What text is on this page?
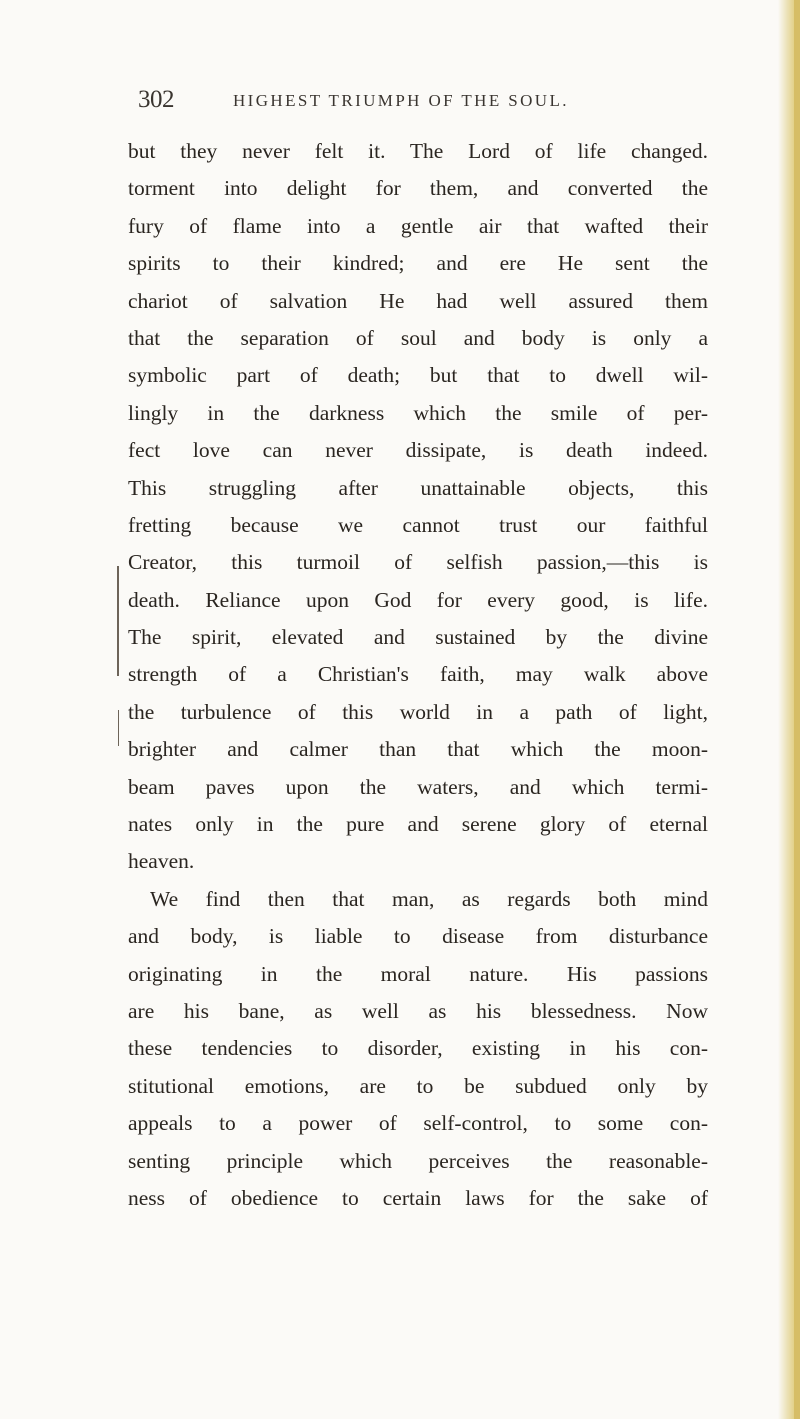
302	HIGHEST TRIUMPH OF THE SOUL.
but they never felt it. The Lord of life changed.
torment into delight for them, and converted the
fury of flame into a gentle air that wafted their
spirits to their kindred; and ere He sent the
chariot of salvation He had well assured them
that the separation of soul and body is only a
symbolic part of death; but that to dwell wil-
lingly in the darkness which the smile of per-
fect love can never dissipate, is death indeed.
This struggling after unattainable objects, this
fretting because we cannot trust our faithful
Creator, this turmoil of selfish passion,—this is
death. Reliance upon God for every good, is life.
The spirit, elevated and sustained by the divine
strength of a Christian's faith, may walk above
the turbulence of this world in a path of light,
brighter and calmer than that which the moon-
beam paves upon the waters, and which termi-
nates only in the pure and serene glory of eternal
heaven.
We find then that man, as regards both mind
and body, is liable to disease from disturbance
originating in the moral nature. His passions
are his bane, as well as his blessedness. Now
these tendencies to disorder, existing in his con-
stitutional emotions, are to be subdued only by
appeals to a power of self-control, to some con-
senting principle which perceives the reasonable-
ness of obedience to certain laws for the sake of
